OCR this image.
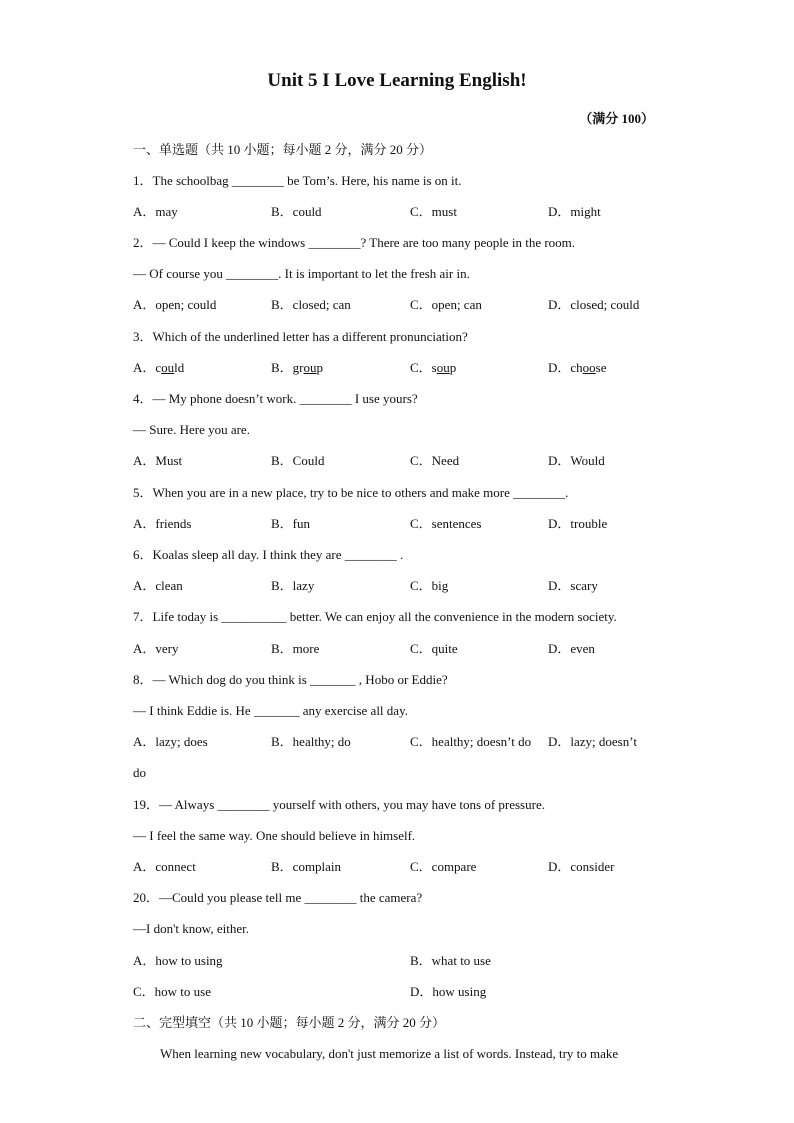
Unit 5 I Love Learning English!
（满分 100）
一、单选题（共 10 小题；每小题 2 分，满分 20 分）
1．The schoolbag ________ be Tom’s. Here, his name is on it.
A．may	B．could	C．must	D．might
2．— Could I keep the windows ________? There are too many people in the room.
— Of course you ________. It is important to let the fresh air in.
A．open; could	B．closed; can	C．open; can	D．closed; could
3．Which of the underlined letter has a different pronunciation?
A．could	B．group	C．soup	D．choose
4．— My phone doesn’t work. ________ I use yours?
— Sure. Here you are.
A．Must	B．Could	C．Need	D．Would
5．When you are in a new place, try to be nice to others and make more ________.
A．friends	B．fun	C．sentences	D．trouble
6．Koalas sleep all day. I think they are ________ .
A．clean	B．lazy	C．big	D．scary
7．Life today is __________ better. We can enjoy all the convenience in the modern society.
A．very	B．more	C．quite	D．even
8．— Which dog do you think is _______ , Hobo or Eddie?
— I think Eddie is. He _______ any exercise all day.
A．lazy; does	B．healthy; do	C．healthy; doesn’t do D．lazy; doesn’t
do
19．— Always ________ yourself with others, you may have tons of pressure.
— I feel the same way. One should believe in himself.
A．connect	B．complain	C．compare	D．consider
20．—Could you please tell me ________ the camera?
—I don't know, either.
A．how to using	B．what to use
C．how to use	D．how using
二、完型填空（共 10 小题；每小题 2 分，满分 20 分）
When learning new vocabulary, don't just memorize a list of words. Instead, try to make
